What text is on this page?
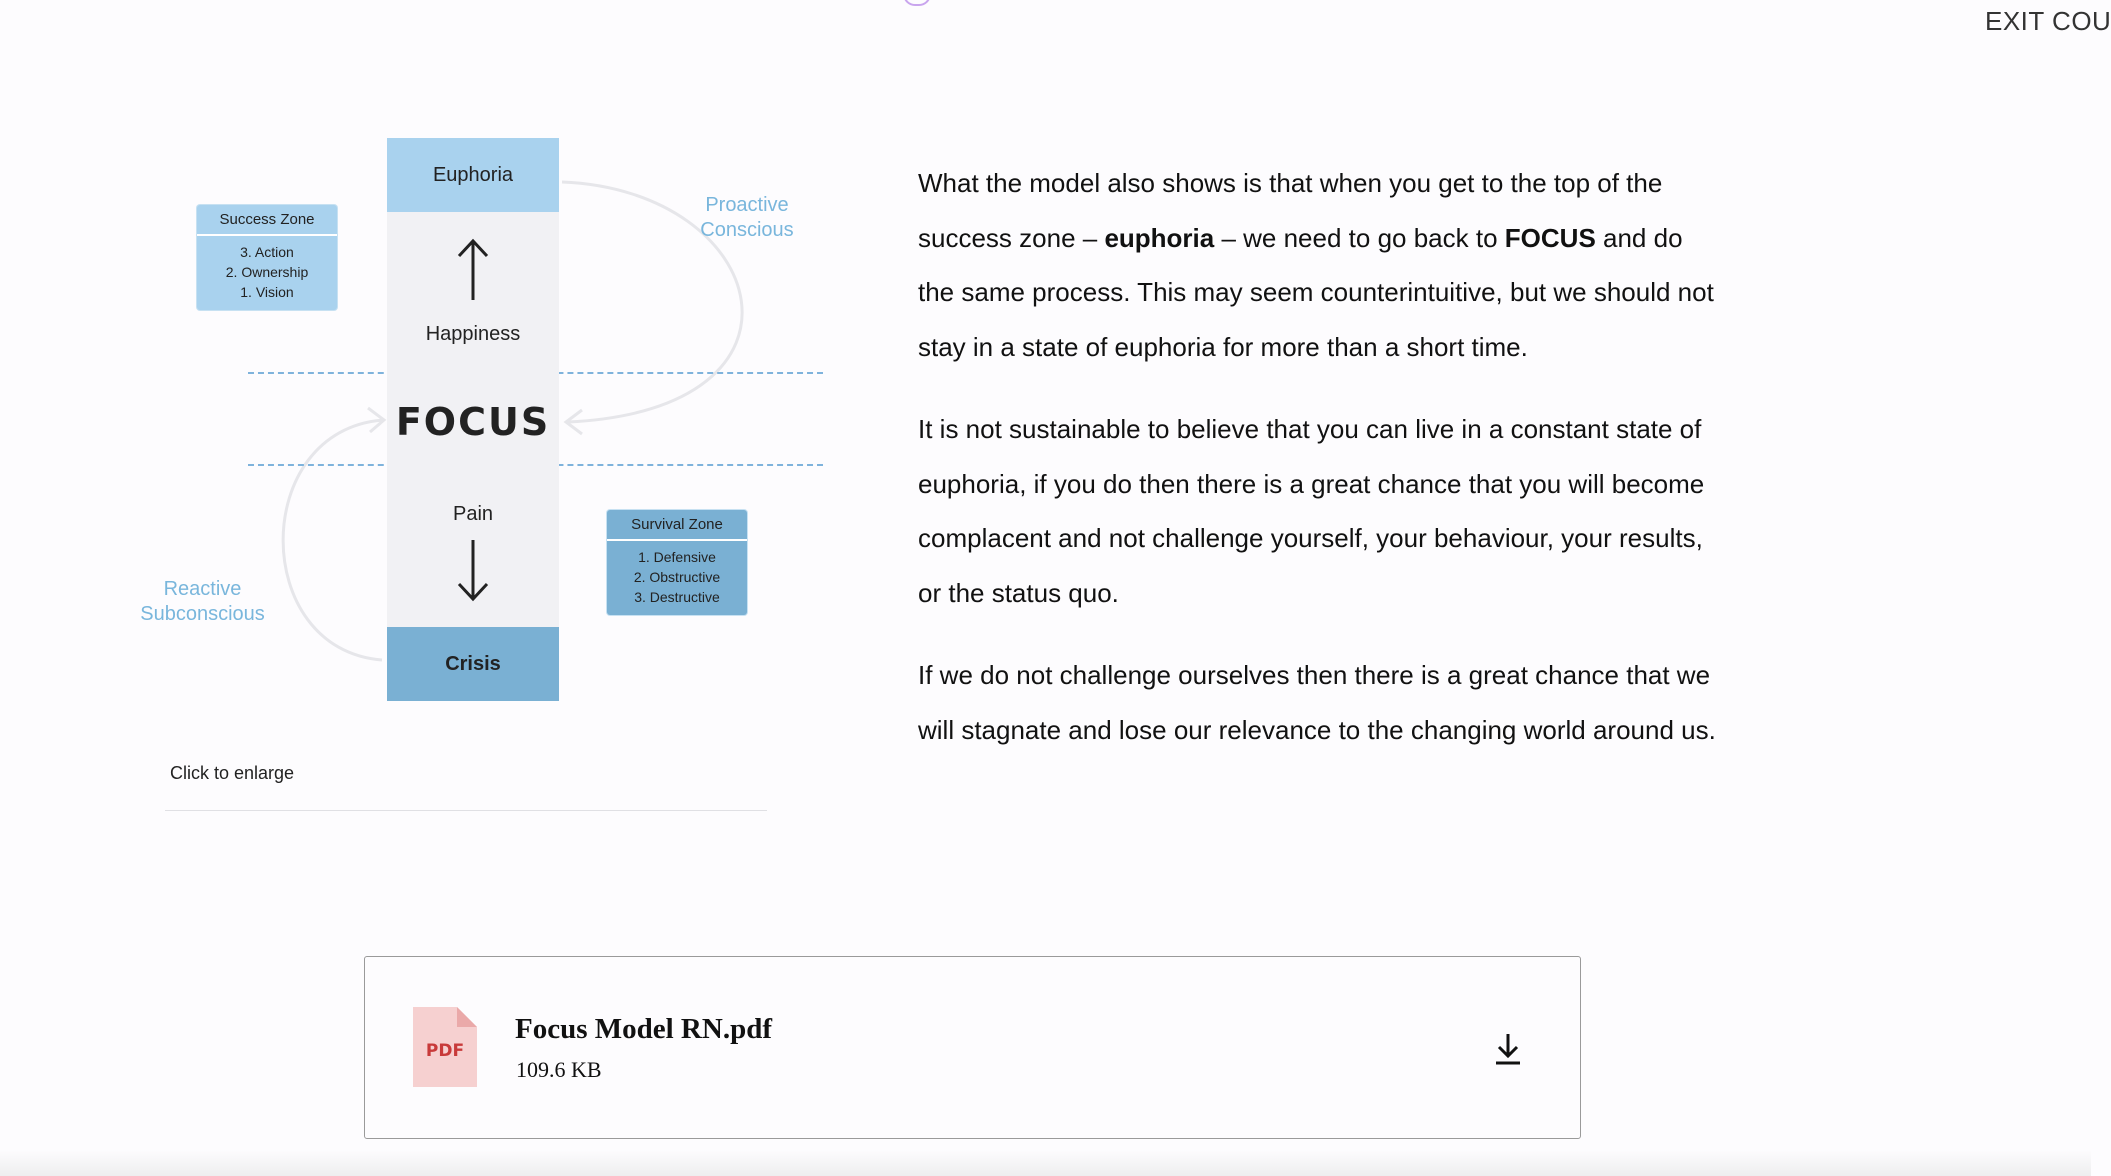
EXIT COU
Euphoria
Happiness
FOCUS
Pain
Crisis
Success Zone
3. Action
2. Ownership
1. Vision
Survival Zone
1. Defensive
2. Obstructive
3. Destructive
Proactive
Conscious
Reactive
Subconscious
Click to enlarge

What the model also shows is that when you get to the top of the success zone – euphoria – we need to go back to FOCUS and do the same process. This may seem counterintuitive, but we should not stay in a state of euphoria for more than a short time.

It is not sustainable to believe that you can live in a constant state of euphoria, if you do then there is a great chance that you will become complacent and not challenge yourself, your behaviour, your results, or the status quo.

If we do not challenge ourselves then there is a great chance that we will stagnate and lose our relevance to the changing world around us.

PDF
Focus Model RN.pdf
109.6 KB
